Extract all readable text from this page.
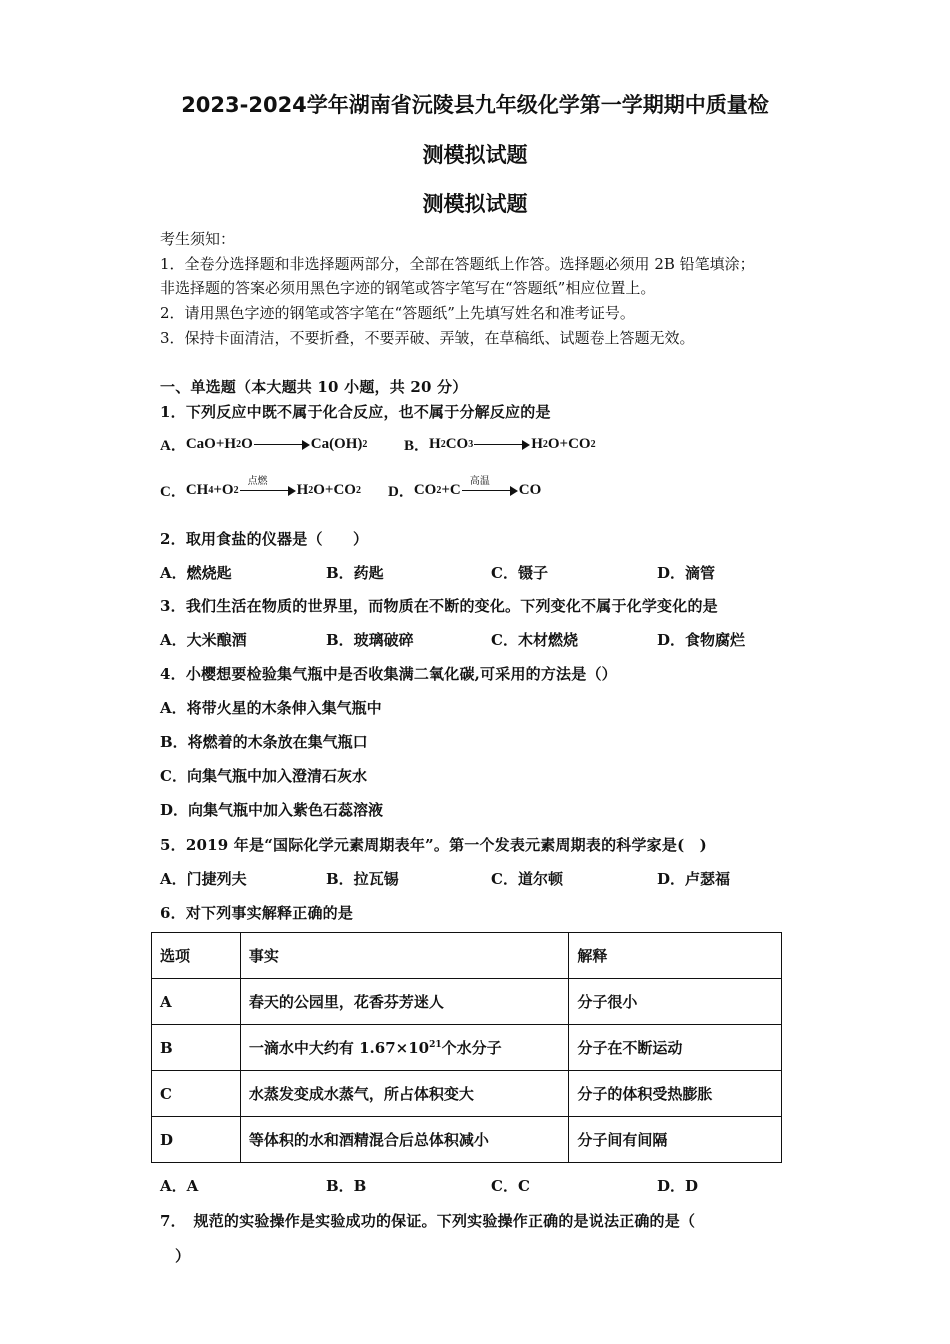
2023-2024学年湖南省沅陵县九年级化学第一学期期中质量检
测模拟试题
测模拟试题
考生须知：
1．全卷分选择题和非选择题两部分，全部在答题纸上作答。选择题必须用 2B 铅笔填涂；
非选择题的答案必须用黑色字迹的钢笔或答字笔写在“答题纸”相应位置上。
2．请用黑色字迹的钢笔或答字笔在“答题纸”上先填写姓名和准考证号。
3．保持卡面清洁，不要折叠，不要弄破、弄皱，在草稿纸、试题卷上答题无效。
一、单选题（本大题共 10 小题，共 20 分）
1．下列反应中既不属于化合反应，也不属于分解反应的是
A． CaO+H 2 O	Ca(OH) 2 B． H 2 CO 3	H 2 O+CO 2
C． CH 4 +O 2
点燃
H 2 O+CO 2 D． CO 2 +C
高温
CO
2．取用食盐的仪器是（　　）
A．燃烧匙	B．药匙	C．镊子	D．滴管
3．我们生活在物质的世界里，而物质在不断的变化。下列变化不属于化学变化的是
A．大米酿酒	B．玻璃破碎	C．木材燃烧	D．食物腐烂
4．小樱想要检验集气瓶中是否收集满二氧化碳,可采用的方法是（）
A．将带火星的木条伸入集气瓶中
B．将燃着的木条放在集气瓶口
C．向集气瓶中加入澄清石灰水
D．向集气瓶中加入紫色石蕊溶液
5．2019 年是“国际化学元素周期表年”。第一个发表元素周期表的科学家是(　)
A．门捷列夫	B．拉瓦锡	C．道尔顿	D．卢瑟福
6．对下列事实解释正确的是
选项	事实	解释
A	春天的公园里，花香芬芳迷人	分子很小
B	一滴水中大约有 $1.67\times 10^{21}$个水分子	分子在不断运动
C	水蒸发变成水蒸气，所占体积变大	分子的体积受热膨胀
D	等体积的水和酒精混合后总体积减小	分子间有间隔
A．A	B．B	C．C	D．D
7．　规范的实验操作是实验成功的保证。下列实验操作正确的是说法正确的是（
）
